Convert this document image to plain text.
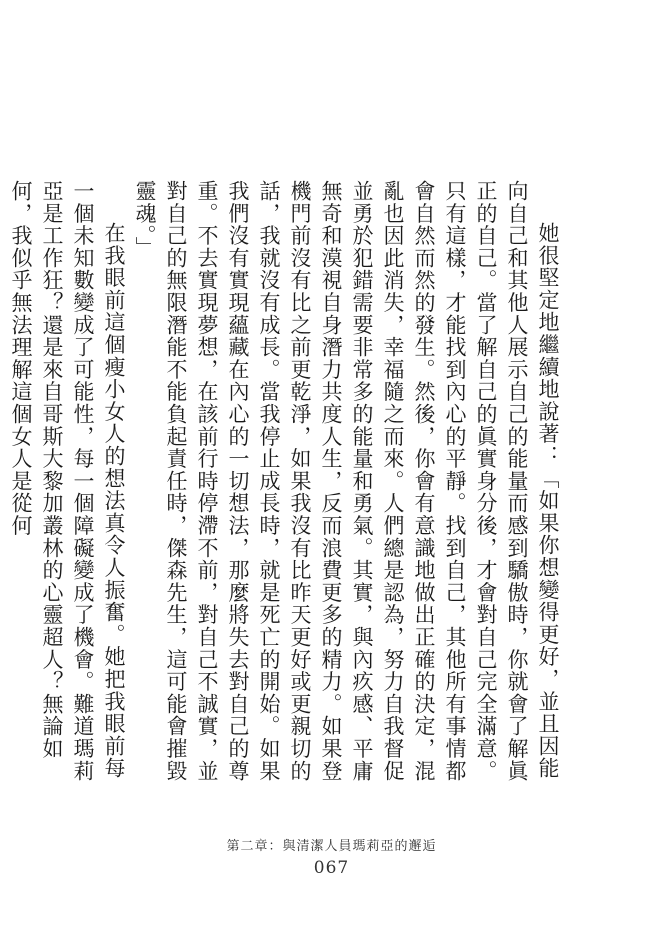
她很堅定地繼續地說著：「如果你想變得更好，並且因能向自己和其他人展示自己的能量而感到驕傲時，你就會了解眞正的自己。當了解自己的眞實身分後，才會對自己完全滿意。只有這樣，才能找到內心的平靜。找到自己，其他所有事情都會自然而然的發生。然後，你會有意識地做出正確的決定，混亂也因此消失，幸福隨之而來。人們總是認為，努力自我督促並勇於犯錯需要非常多的能量和勇氣。其實，與內疚感、平庸無奇和漠視自身潛力共度人生，反而浪費更多的精力。如果登機門前沒有比之前更乾淨，如果我沒有比昨天更好或更親切的話，我就沒有成長。當我停止成長時，就是死亡的開始。如果我們沒有實現蘊藏在內心的一切想法，那麼將失去對自己的尊重。不去實現夢想，在該前行時停滯不前，對自己不誠實，並對自己的無限潛能不能負起責任時，傑森先生，這可能會摧毀靈魂。」

在我眼前這個瘦小女人的想法真令人振奮。她把我眼前每一個未知數變成了可能性，每一個障礙變成了機會。難道瑪莉亞是工作狂？還是來自哥斯大黎加叢林的心靈超人？無論如何，我似乎無法理解這個女人是從何

第二章：與清潔人員瑪莉亞的邂逅
067
